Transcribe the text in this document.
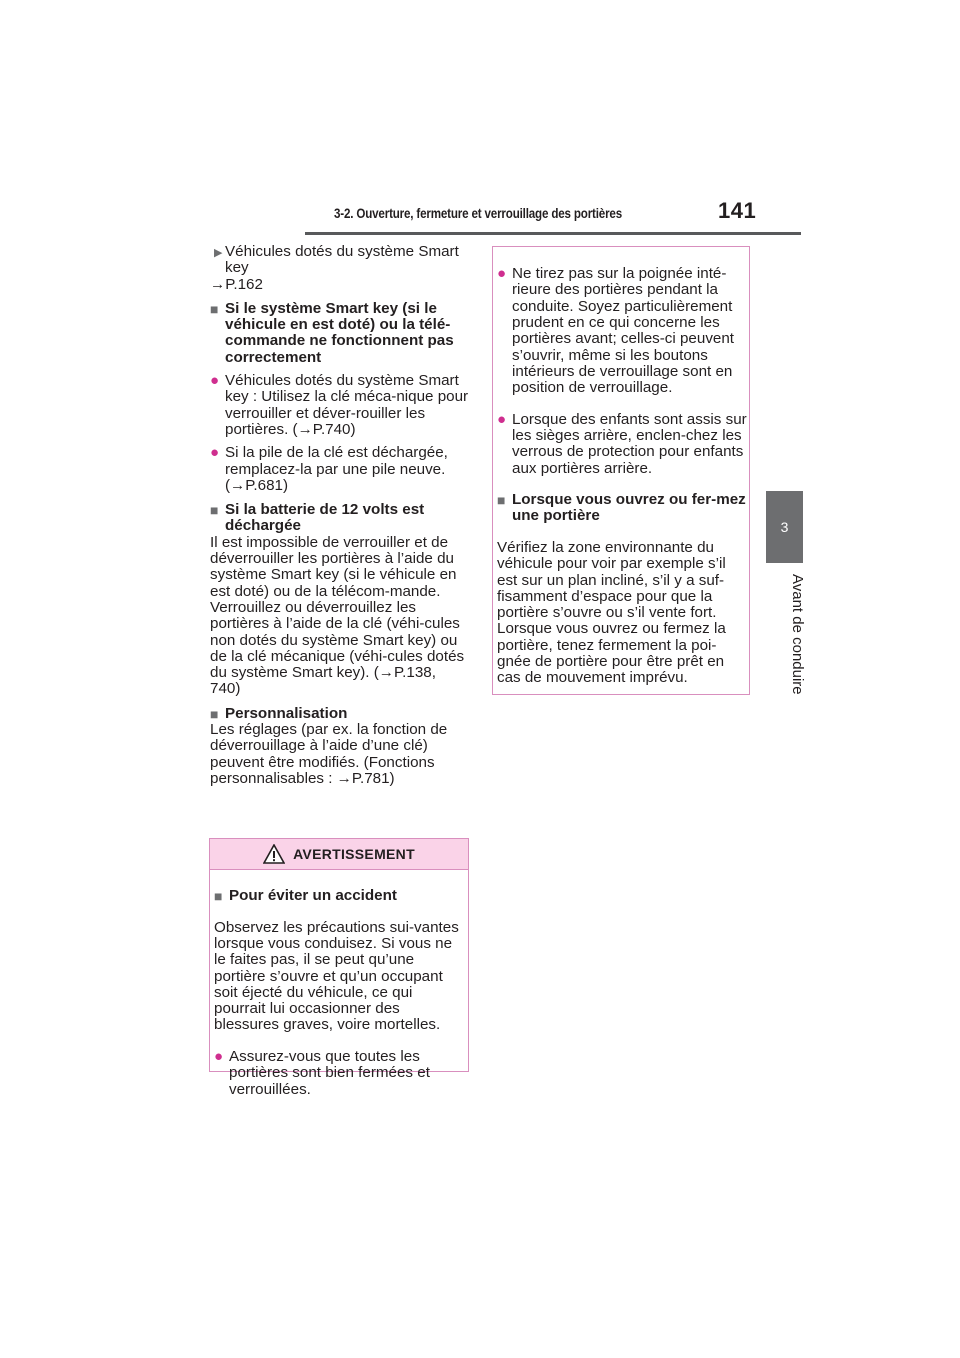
3-2. Ouverture, fermeture et verrouillage des portières	141
3
Avant de conduire
▶ Véhicules dotés du système Smart key

→P.162

■ Si le système Smart key (si le véhicule en est doté) ou la télé-commande ne fonctionnent pas correctement

● Véhicules dotés du système Smart key : Utilisez la clé méca-nique pour verrouiller et déver-rouiller les portières. (→P.740)

● Si la pile de la clé est déchargée, remplacez-la par une pile neuve. (→P.681)

■ Si la batterie de 12 volts est déchargée

Il est impossible de verrouiller et de déverrouiller les portières à l’aide du système Smart key (si le véhicule en est doté) ou de la télécom-mande. Verrouillez ou déverrouillez les portières à l’aide de la clé (véhi-cules non dotés du système Smart key) ou de la clé mécanique (véhi-cules dotés du système Smart key). (→P.138, 740)

■ Personnalisation

Les réglages (par ex. la fonction de déverrouillage à l’aide d’une clé) peuvent être modifiés. (Fonctions personnalisables : →P.781)

AVERTISSEMENT
■ Pour éviter un accident

Observez les précautions sui-vantes lorsque vous conduisez. Si vous ne le faites pas, il se peut qu’une portière s’ouvre et qu’un occupant soit éjecté du véhicule, ce qui pourrait lui occasionner des blessures graves, voire mortelles.

● Assurez-vous que toutes les portières sont bien fermées et verrouillées.

● Ne tirez pas sur la poignée inté-rieure des portières pendant la conduite. Soyez particulièrement prudent en ce qui concerne les portières avant; celles-ci peuvent s’ouvrir, même si les boutons intérieurs de verrouillage sont en position de verrouillage.

● Lorsque des enfants sont assis sur les sièges arrière, enclen-chez les verrous de protection pour enfants aux portières arrière.

■ Lorsque vous ouvrez ou fer-mez une portière

Vérifiez la zone environnante du véhicule pour voir par exemple s’il est sur un plan incliné, s’il y a suf-fisamment d’espace pour que la portière s’ouvre ou s’il vente fort. Lorsque vous ouvrez ou fermez la portière, tenez fermement la poi-gnée de portière pour être prêt en cas de mouvement imprévu.
